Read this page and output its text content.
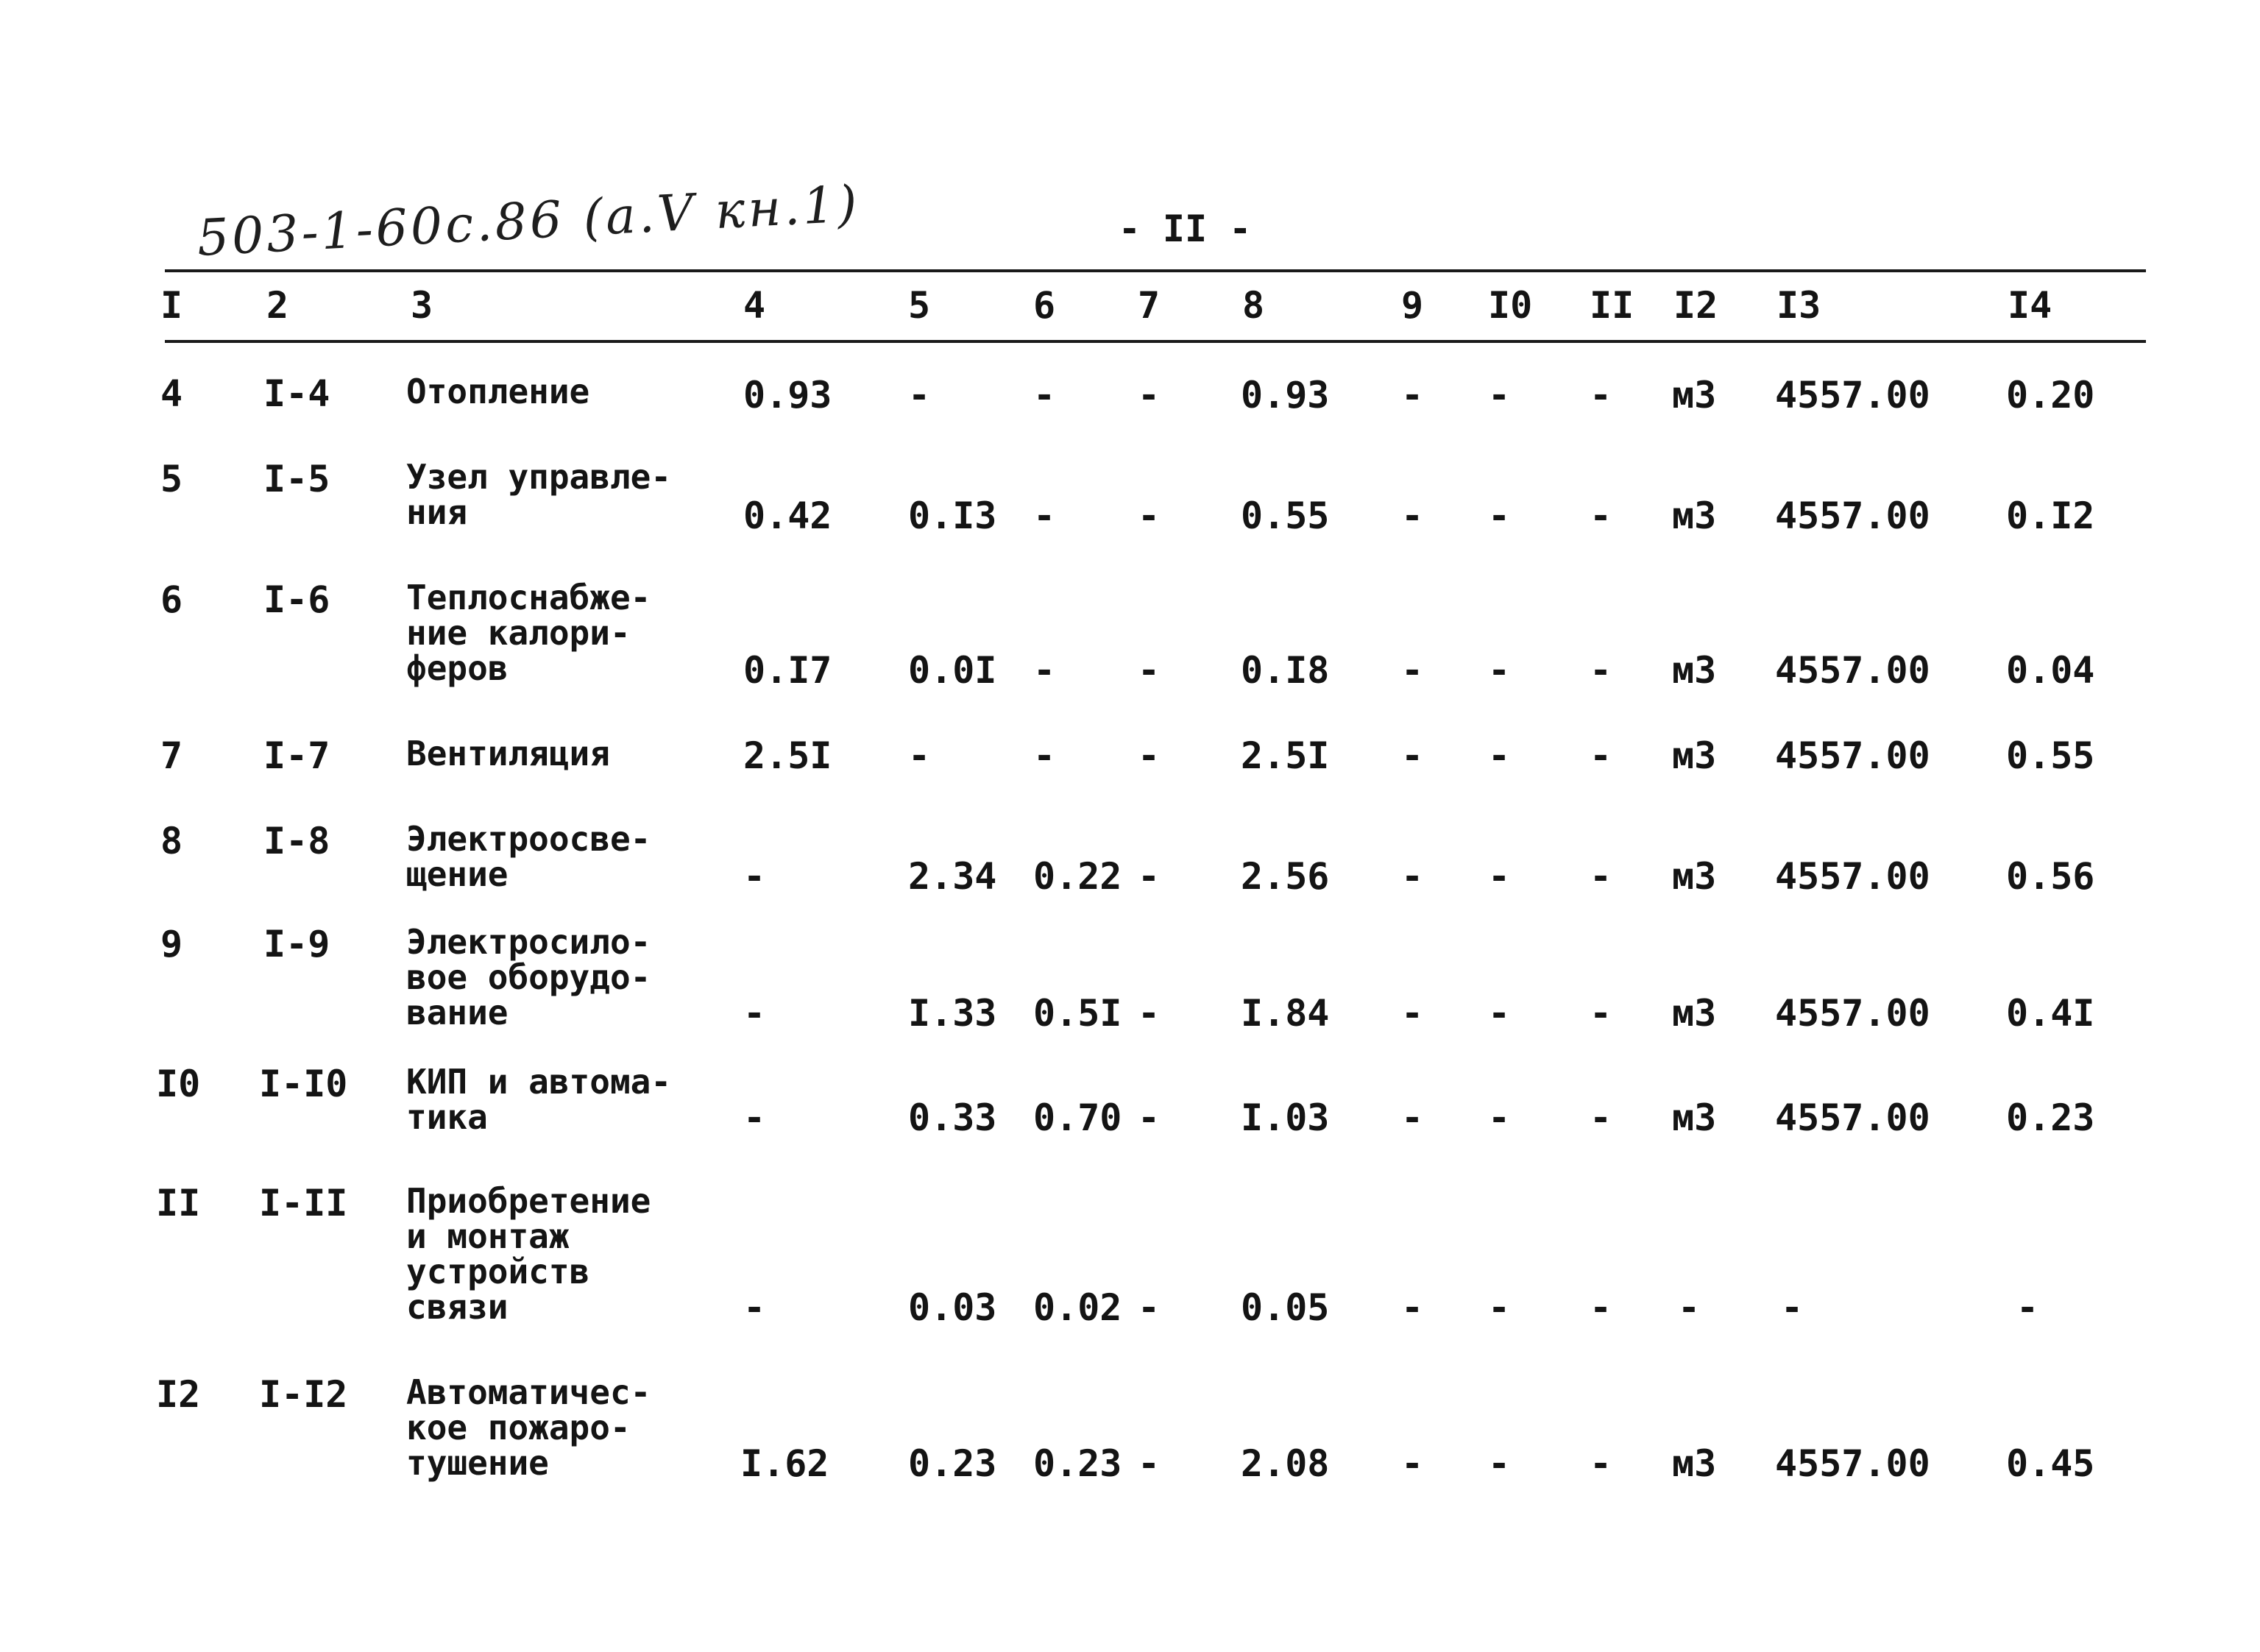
503-1-60с.86 (а.V кн.1)	- II -
I 2	3	4	5	6 7 8	9 I0 II I2 I3	I4
4 I-4 Отопление	0.93 -	- - 0.93 - - - м3 4557.00 0.20
5 I-5 Узел управле-
ния	0.42 0.I3 - - 0.55 - - - м3 4557.00 0.I2
6 I-6 Теплоснабже-
ние калори-
феров	0.I7 0.0I - - 0.I8 - - - м3 4557.00 0.04
7 I-7 Вентиляция	2.5I -	- - 2.5I - - - м3 4557.00 0.55
8 I-8 Электроосве-
щение	-	2.34 0.22 - 2.56 - - - м3 4557.00 0.56
9 I-9 Электросило-
вое оборудо-
вание	-	I.33 0.5I - I.84 - - - м3 4557.00 0.4I
I0 I-I0 КИП и автома-
тика	-	0.33 0.70 - I.03 - - - м3 4557.00 0.23
II I-II Приобретение
и монтаж
устройств
связи	-	0.03 0.02 - 0.05 - - - - -	-
I2 I-I2 Автоматичес-
кое пожаро-
тушение	I.62 0.23 0.23 - 2.08 - - - м3 4557.00 0.45
